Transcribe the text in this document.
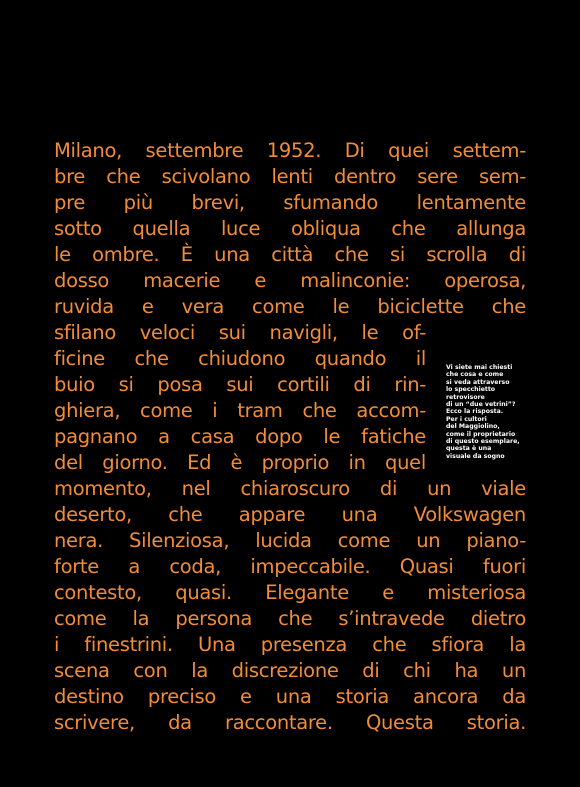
Milano, settembre 1952. Di quei settem-
bre che scivolano lenti dentro sere sem-
pre più brevi, sfumando lentamente
sotto quella luce obliqua che allunga
le ombre. È una città che si scrolla di
dosso macerie e malinconie: operosa,
ruvida e vera come le biciclette che
sfilano veloci sui navigli, le of-
ficine che chiudono quando il
buio si posa sui cortili di rin-
ghiera, come i tram che accom-
pagnano a casa dopo le fatiche
del giorno. Ed è proprio in quel
momento, nel chiaroscuro di un viale
deserto, che appare una Volkswagen
nera. Silenziosa, lucida come un piano-
forte a coda, impeccabile. Quasi fuori
contesto, quasi. Elegante e misteriosa
come la persona che s’intravede dietro
i finestrini. Una presenza che sfiora la
scena con la discrezione di chi ha un
destino preciso e una storia ancora da
scrivere, da raccontare. Questa storia.
Vi siete mai chiesti
che cosa e come
si veda attraverso
lo specchietto
retrovisore
di un “due vetrini”?
Ecco la risposta.
Per i cultori
del Maggiolino,
come il proprietario
di questo esemplare,
questa è una
visuale da sogno
